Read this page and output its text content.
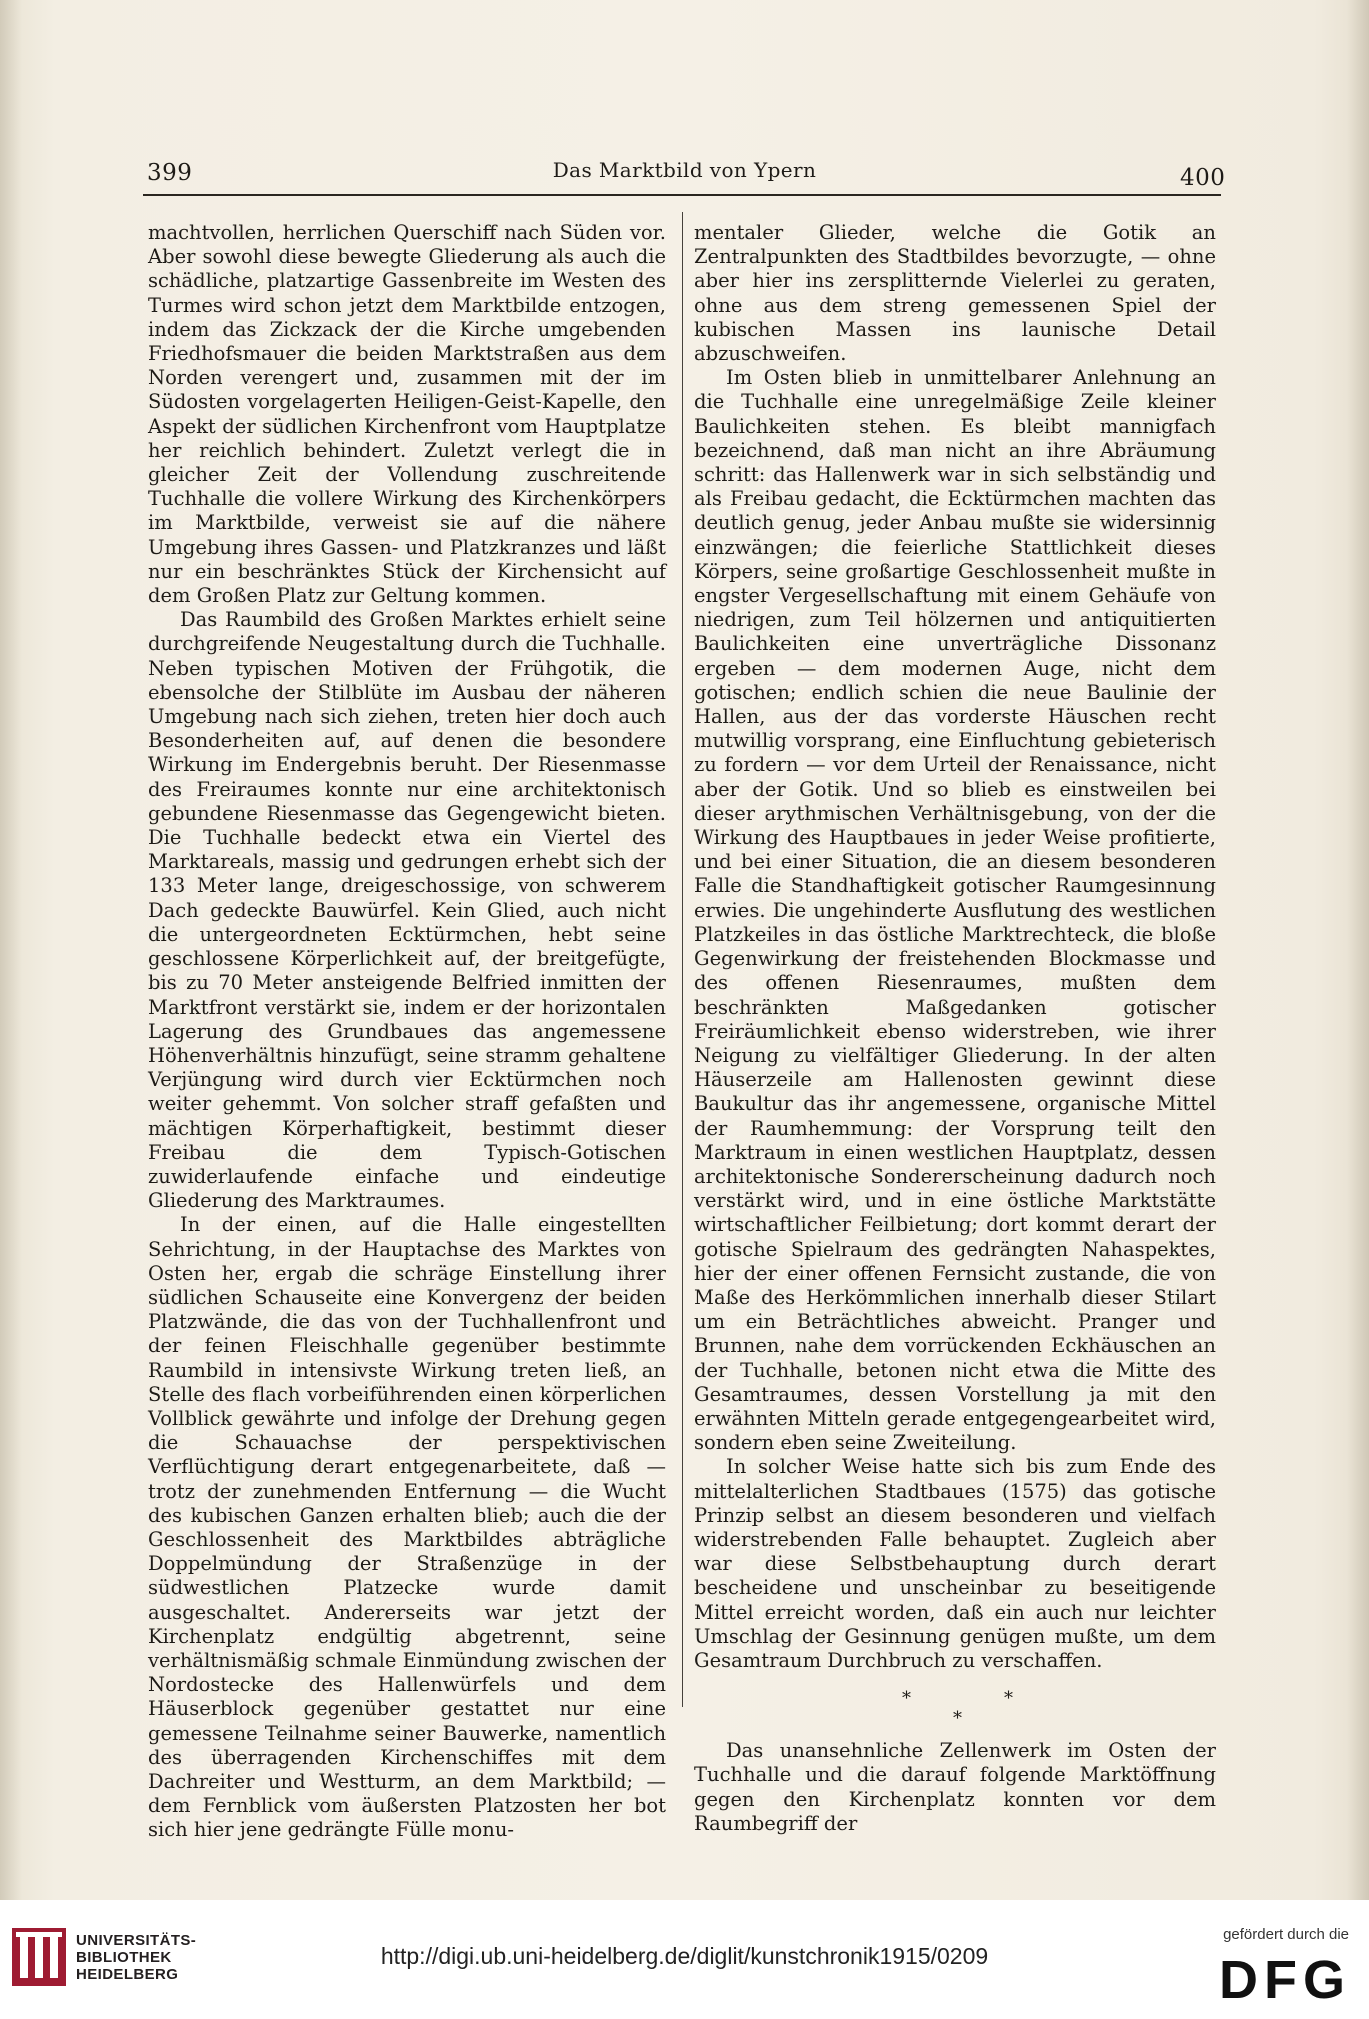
399	Das Marktbild von Ypern	400

machtvollen, herrlichen Querschiff nach Süden vor. Aber sowohl diese bewegte Gliederung als auch die schädliche, platzartige Gassenbreite im Westen des Turmes wird schon jetzt dem Marktbilde entzogen, indem das Zickzack der die Kirche umgebenden Friedhofsmauer die beiden Marktstraßen aus dem Norden verengert und, zusammen mit der im Südosten vorgelagerten Heiligen-Geist-Kapelle, den Aspekt der südlichen Kirchenfront vom Hauptplatze her reichlich behindert. Zuletzt verlegt die in gleicher Zeit der Vollendung zuschreitende Tuchhalle die vollere Wirkung des Kirchenkörpers im Marktbilde, verweist sie auf die nähere Umgebung ihres Gassen- und Platzkranzes und läßt nur ein beschränktes Stück der Kirchensicht auf dem Großen Platz zur Geltung kommen.

Das Raumbild des Großen Marktes erhielt seine durchgreifende Neugestaltung durch die Tuchhalle. Neben typischen Motiven der Frühgotik, die ebensolche der Stilblüte im Ausbau der näheren Umgebung nach sich ziehen, treten hier doch auch Besonderheiten auf, auf denen die besondere Wirkung im Endergebnis beruht. Der Riesenmasse des Freiraumes konnte nur eine architektonisch gebundene Riesenmasse das Gegengewicht bieten. Die Tuchhalle bedeckt etwa ein Viertel des Marktareals, massig und gedrungen erhebt sich der 133 Meter lange, dreigeschossige, von schwerem Dach gedeckte Bauwürfel. Kein Glied, auch nicht die untergeordneten Ecktürmchen, hebt seine geschlossene Körperlichkeit auf, der breitgefügte, bis zu 70 Meter ansteigende Belfried inmitten der Marktfront verstärkt sie, indem er der horizontalen Lagerung des Grundbaues das angemessene Höhenverhältnis hinzufügt, seine stramm gehaltene Verjüngung wird durch vier Ecktürmchen noch weiter gehemmt. Von solcher straff gefaßten und mächtigen Körperhaftigkeit, bestimmt dieser Freibau die dem Typisch-Gotischen zuwiderlaufende einfache und eindeutige Gliederung des Marktraumes.

In der einen, auf die Halle eingestellten Sehrichtung, in der Hauptachse des Marktes von Osten her, ergab die schräge Einstellung ihrer südlichen Schauseite eine Konvergenz der beiden Platzwände, die das von der Tuchhallenfront und der feinen Fleischhalle gegenüber bestimmte Raumbild in intensivste Wirkung treten ließ, an Stelle des flach vorbeiführenden einen körperlichen Vollblick gewährte und infolge der Drehung gegen die Schauachse der perspektivischen Verflüchtigung derart entgegenarbeitete, daß — trotz der zunehmenden Entfernung — die Wucht des kubischen Ganzen erhalten blieb; auch die der Geschlossenheit des Marktbildes abträgliche Doppelmündung der Straßenzüge in der südwestlichen Platzecke wurde damit ausgeschaltet. Andererseits war jetzt der Kirchenplatz endgültig abgetrennt, seine verhältnismäßig schmale Einmündung zwischen der Nordostecke des Hallenwürfels und dem Häuserblock gegenüber gestattet nur eine gemessene Teilnahme seiner Bauwerke, namentlich des überragenden Kirchenschiffes mit dem Dachreiter und Westturm, an dem Marktbild; — dem Fernblick vom äußersten Platzosten her bot sich hier jene gedrängte Fülle monu-

mentaler Glieder, welche die Gotik an Zentralpunkten des Stadtbildes bevorzugte, — ohne aber hier ins zersplitternde Vielerlei zu geraten, ohne aus dem streng gemessenen Spiel der kubischen Massen ins launische Detail abzuschweifen.

Im Osten blieb in unmittelbarer Anlehnung an die Tuchhalle eine unregelmäßige Zeile kleiner Baulichkeiten stehen. Es bleibt mannigfach bezeichnend, daß man nicht an ihre Abräumung schritt: das Hallenwerk war in sich selbständig und als Freibau gedacht, die Ecktürmchen machten das deutlich genug, jeder Anbau mußte sie widersinnig einzwängen; die feierliche Stattlichkeit dieses Körpers, seine großartige Geschlossenheit mußte in engster Vergesellschaftung mit einem Gehäufe von niedrigen, zum Teil hölzernen und antiquitierten Baulichkeiten eine unverträgliche Dissonanz ergeben — dem modernen Auge, nicht dem gotischen; endlich schien die neue Baulinie der Hallen, aus der das vorderste Häuschen recht mutwillig vorsprang, eine Einfluchtung gebieterisch zu fordern — vor dem Urteil der Renaissance, nicht aber der Gotik. Und so blieb es einstweilen bei dieser arythmischen Verhältnisgebung, von der die Wirkung des Hauptbaues in jeder Weise profitierte, und bei einer Situation, die an diesem besonderen Falle die Standhaftigkeit gotischer Raumgesinnung erwies. Die ungehinderte Ausflutung des westlichen Platzkeiles in das östliche Marktrechteck, die bloße Gegenwirkung der freistehenden Blockmasse und des offenen Riesenraumes, mußten dem beschränkten Maßgedanken gotischer Freiräumlichkeit ebenso widerstreben, wie ihrer Neigung zu vielfältiger Gliederung. In der alten Häuserzeile am Hallenosten gewinnt diese Baukultur das ihr angemessene, organische Mittel der Raumhemmung: der Vorsprung teilt den Marktraum in einen westlichen Hauptplatz, dessen architektonische Sondererscheinung dadurch noch verstärkt wird, und in eine östliche Marktstätte wirtschaftlicher Feilbietung; dort kommt derart der gotische Spielraum des gedrängten Nahaspektes, hier der einer offenen Fernsicht zustande, die von Maße des Herkömmlichen innerhalb dieser Stilart um ein Beträchtliches abweicht. Pranger und Brunnen, nahe dem vorrückenden Eckhäuschen an der Tuchhalle, betonen nicht etwa die Mitte des Gesamtraumes, dessen Vorstellung ja mit den erwähnten Mitteln gerade entgegengearbeitet wird, sondern eben seine Zweiteilung.

In solcher Weise hatte sich bis zum Ende des mittelalterlichen Stadtbaues (1575) das gotische Prinzip selbst an diesem besonderen und vielfach widerstrebenden Falle behauptet. Zugleich aber war diese Selbstbehauptung durch derart bescheidene und unscheinbar zu beseitigende Mittel erreicht worden, daß ein auch nur leichter Umschlag der Gesinnung genügen mußte, um dem Gesamtraum Durchbruch zu verschaffen.

*	*
*

Das unansehnliche Zellenwerk im Osten der Tuchhalle und die darauf folgende Marktöffnung gegen den Kirchenplatz konnten vor dem Raumbegriff der

UNIVERSITÄTS-
BIBLIOTHEK
HEIDELBERG
http://digi.ub.uni-heidelberg.de/diglit/kunstchronik1915/0209
gefördert durch die
DFG
